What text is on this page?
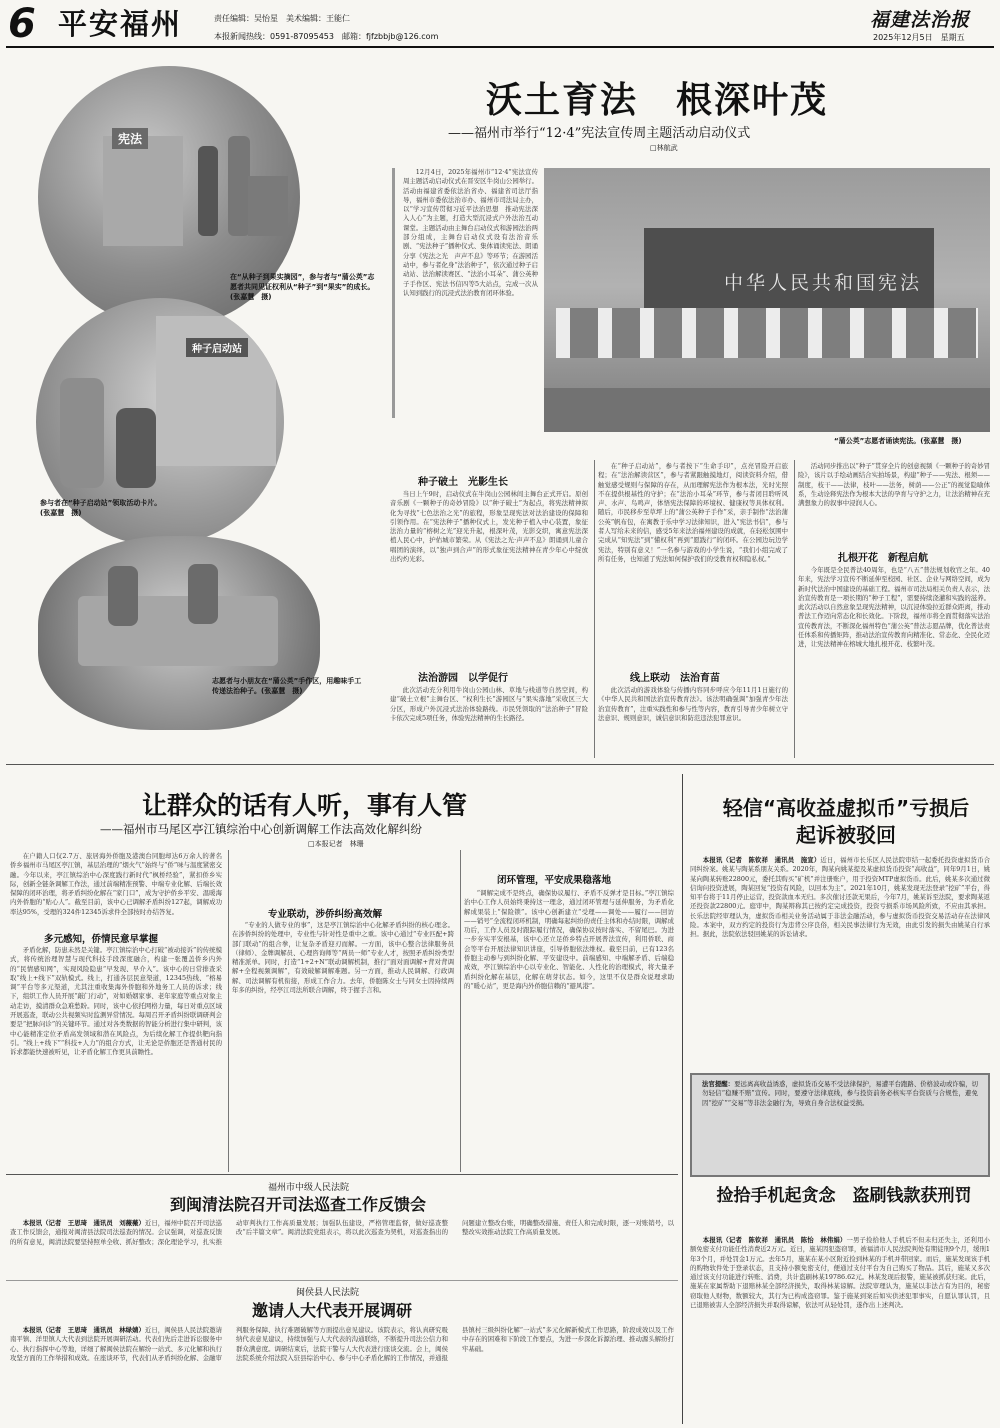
6 平安福州	责任编辑：吴怡星　美术编辑：王能仁
本报新闻热线：0591-87095453　邮箱：fjfzbbjb@126.com
福建法治报
2025年12月5日　星期五
沃土育法　根深叶茂
——福州市举行“12·4”宪法宣传周主题活动启动仪式
□林航武
宪法
在“从种子到果实摘园”，参与者与“蒲公英”志愿者共同见证权利从“种子”到“果实”的成长。(张嘉慧　摄)
种子启动站
参与者在“种子启动站”领取活动卡片。(张嘉慧　摄)
志愿者与小朋友在“蒲公英”手作区，用趣味手工传递法治种子。(张嘉慧　摄)

12月4日，2025年福州市“12·4”宪法宣传周主题活动启动仪式在晋安区牛岗山公园举行。活动由福建省委依法治省办、福建省司法厅指导，福州市委依法治市办、福州市司法局主办，以“学习宣传贯彻习近平法治思想　推动宪法深入人心”为主题，打造大型沉浸式户外法治互动课堂。主题活动由主舞台启动仪式和游园法治两部分组成，主舞台启动仪式设有法治音乐剧、“宪法种子”播种仪式、集体诵读宪法、朗诵分享《宪法之光　声声不息》等环节；在游园活动中，参与者化身“法治种子”，依次通过种子启动站、法治解读赛区、“法治小耳朵”、蒲公英种子手作区、宪法书信四等5大站点，完成一次从认知到践行的沉浸式法治教育闭环体验。	中华人民共和国宪法
“蒲公英”志愿者诵读宪法。(张嘉慧　摄)
种子破土　光影生长

当日上午9时，启动仪式在牛岗山公园林间主舞台正式开启。原创音乐剧《一颗种子的奇妙冒险》以“种子破土”为起点，将宪法精神拟化为寻找“七色法治之光”的旅程，形象呈现宪法对法治建设的保障和引领作用。在“宪法种子”播种仪式上，发光种子植入中心装置，象征法治力量的“榕树之光”迎光升起，根深叶茂，光影交织，寓意宪法深植人民心中，护佑城市繁荣。从《宪法之光·声声不息》朗诵到儿童合唱团的演绎，以“独声到合声”的形式象征宪法精神在青少年心中绽放出灼灼光彩。

法治游园　以学促行

此次活动充分利用牛岗山公园山林、草地与栈道等自然空间，构建“破土立根”主舞台区、“权利生长”游园区与“果实落地”采收区三大分区，形成户外沉浸式法治体验路线。市民凭领取的“法治种子”冒险卡依次完成5项任务，体验宪法精神的生长路径。

在“种子启动站”，参与者按下“生命手印”，点亮冒险开启旅程；在“法治解读营区”，参与者紧跟触摸地灯，阅读资料介绍，借触觉感受规则与保障的存在，从而理解宪法作为根本法，光时光照不在提供根基性的守护；在“法治小耳朵”环节，参与者闭目聆听风声、水声、鸟鸣声，体悟宪法保障的环境权、健康权等具体权利。随后，市民移步至草坪上的“蒲公英种子手作”采，亲手制作“法治蒲公英”帆布包，在寓教于乐中学习法律知识，进入“宪法书信”，参与者人写给未来的信，感受5年来法治福州建设的成就，在轻松氛围中完成从“知宪法”到“懂权利”再到“愿践行”的闭环。在公园边玩边学宪法，特别有意义！”一名参与游戏的小学生说，“我们小组完成了所有任务，也知道了宪法如何保护我们的受教育权和隐私权。”

线上联动　法治育苗

此次活动的游戏体验与传播内容同步呼应今年11月1日施行的《中华人民共和国法治宣传教育法》。该法明确强调“加强青少年法治宣传教育”，注重实践性和参与性等内容，教育引导青少年树立守法意识、规则意识，诚信意识和防范违法犯罪意识。

活动同步推出以“种子”贯穿全片的创意视频《一颗种子的奇妙冒险》，该片以手绘动画结合实拍场景，构建“种子——宪法、根须——制度，枝干——法律，枝叶——法务，树荫——公正”的视觉隐喻体系，生动诠释宪法作为根本大法的孕育与守护之力，让法治精神在充满想象力的叙事中浸润人心。

扎根开花　新程启航

今年既是全民普法40周年，也是“八五”普法规划收官之年。40年来，宪法学习宣传不断延伸至校园、社区、企业与网络空间，成为新时代法治中国建设的基础工程。福州市司法局相关负责人表示，法治宣传教育是一项长期的“种子工程”，需要持续浇灌和实践的滋养。此次活动以自然意象呈现宪法精神，以沉浸体验拉近群众距离，推动普法工作迈向常态化和长效化。下阶段，福州市将全面贯彻落实法治宣传教育法，不断深化福州特色“蒲公英”普法志愿品牌，优化普法责任体系和传播矩阵，推动法治宣传教育向精准化、常态化、全民化迈进，让宪法精神在榕城大地扎根开花、枝繁叶茂。

让群众的话有人听，事有人管
——福州市马尾区亭江镇综治中心创新调解工作法高效化解纠纷
□本报记者　林珊

在户籍人口仅2.7万、旅居海外侨胞及港澳台同胞却达6万余人的著名侨乡福州市马尾区亭江镇，基层治理的“烟火气”始终与“侨”味与温度紧密交融。今年以来，亭江镇综治中心深度践行新时代“枫桥经验”，紧扣侨乡实际，创新全链条调解工作法，通过前端精准预警、中端专业化解、后端长效保障的闭环治理，将矛盾纠纷化解在“家门口”，成为守护侨乡平安、温暖海内外侨胞的“贴心人”。截至目前，该中心已调解矛盾纠纷127起，调解成功率达95%，受理的324件12345诉求件全部按时办结答复。

多元感知，侨情民意早掌握

矛盾化解，防患未然是关键。亭江镇综治中心打破“被动接诉”的传统模式，将传统治理智慧与现代科技手段深度融合，构建一张覆盖侨乡内外的“民情感知网”，实现风险隐患“早发现、早介入”。该中心的日常排查采取“线上+线下”双轨模式。线上，打通各层民意渠道，12345热线、“榕易调”平台等多元渠道，尤其注重收集海外侨胞和外地务工人员的诉求；线下，组织工作人员开展“敲门行动”，对如婚姻家事、老年家庭等重点对象主动走访，摸清群众急难愁盼。同时，该中心依托网格力量，每日对重点区域开展巡查，联动公共视频实时监测异常情况。每周召开矛盾纠纷联调研判会要是“把脉问诊”的关键环节。通过对各类数据的智能分析进行集中研判，该中心能精准定位矛盾高发领域和潜在风险点，为后续化解工作提供靶向指引。“线上+线下”“科技+人力”的组合方式，让无论是侨胞还是普通村民的诉求都能快速被听见，让矛盾化解工作更具前瞻性。

专业联动，涉侨纠纷高效解

“专业的人做专业的事”，这是亭江镇综治中心化解矛盾纠纷的核心理念。在涉侨纠纷的处理中，专业性与针对性是重中之重。该中心通过“专业匹配+跨部门联动”的组合拳，让复杂矛盾迎刃而解。一方面，该中心整合法律服务员（律师）、金牌调解员、心理咨询师等“两员一师”专业人才，按照矛盾纠纷类型精准派单。同时，打造“1+2+N”联动调解机制，推行“面对面调解+背对背调解+全程视频调解”，有效破解调解难题。另一方面，推动人民调解、行政调解、司法调解有机衔接，形成工作合力。去年，侨胞陈女士与同女士因持续两年多的纠纷，经亭江司法所联合调解，终于握手言和。

闭环管理，平安成果稳落地

“调解完成不是终点，确保协议履行、矛盾不反弹才是目标。”亭江镇综治中心工作人员始终秉持这一理念，通过闭环管理与延伸服务，为矛盾化解成果装上“保险锁”。该中心创新建立“受理——调处——履行——回访——销号”全流程闭环机制，明确每起纠纷的责任主体和办结时限，调解成功后，工作人员及时跟踪履行情况，确保协议按时落实、不留尾巴。为进一步夯实平安根基，该中心还立足侨乡特点开展普法宣传，利用侨联、商会等平台开展法律知识讲座，引导侨胞依法维权。截至目前，已有123名侨胞主动参与到纠纷化解、平安建设中。前端感知、中端解矛盾、后端稳成效，亭江镇综治中心以专业化、智能化、人性化的治理模式，将大量矛盾纠纷化解在基层，化解在萌芽状态。如今，这里不仅是群众说理求助的“暖心站”，更是海内外侨胞信赖的“避风港”。

轻信“高收益虚拟币”亏损后起诉被驳回

本报讯（记者　陈钦祥　通讯员　施宣）近日，福州市长乐区人民法院审结一起委托投资虚拟货币合同纠纷案。姚某与陶某系朋友关系。2020年，陶某向姚某提及某虚拟货币投资“高收益”，同年9月1日，姚某向陶某转账22800元，委托其购买“矿机”并注册账户，用于投资MTP虚拟货币。此后，姚某多次通过微信询问投资进展，陶某回复“投资有风险，以回本为主”。2021年10月，姚某发现无法登录“挖矿”平台，得知平台将于11月停止运营，投资款血本无归。多次催讨还款无果后，今年7月，姚某诉至法院，要求陶某返还投资款22800元。庭审中，陶某辩称其已按约定完成投资，投资亏损系市场风险所致，不应由其承担。长乐法院经审理认为，虚拟货币相关业务活动属于非法金融活动，参与虚拟货币投资交易活动存在法律风险。本案中，双方约定的投资行为违背公序良俗，相关民事法律行为无效，由此引发的损失由姚某自行承担。据此，法院依法驳回姚某的诉讼请求。

法官提醒：要远离高收益诱惑，虚拟货币交易不受法律保护，易遭平台跑路、价格波动或诈骗，切勿轻信“稳赚不赔”宣传。同时，要遵守法律底线，参与投资前务必核实平台资质与合规性，避免因“挖矿”“交易”等非法金融行为，导致自身合法权益受损。
捡拾手机起贪念　盗刷钱款获刑罚

本报讯（记者　陈钦祥　通讯员　陈怡　林伟娟）一男子捡拾他人手机后不但未归还失主，还利用小额免密支付功能任性消费近2万元。近日，施某因犯盗窃罪，被福清市人民法院判处有期徒刑9个月，缓刑1年3个月，并处罚金1万元。去年5月，施某在某小区附近捡到林某的手机并带回家。而后，施某发现该手机的购物软件处于登录状态，且支持小额免密支付，便通过支付平台为自己购买了物品。其后，施某又多次通过该支付功能进行转账、消费，共计盗刷林某19786.62元。林某发现后报警，施某被抓获归案。此后，施某在家属帮助下退赔林某全部经济损失，取得林某谅解。法院审理认为，施某以非法占有为目的，秘密窃取他人财物，数额较大，其行为已构成盗窃罪。鉴于施某到案后如实供述犯罪事实，自愿认罪认罚，且已退赔被害人全部经济损失并取得谅解，依法可从轻处罚，遂作出上述判决。

福州市中级人民法院
到闽清法院召开司法巡查工作反馈会

本报讯（记者　王思琦　通讯员　刘薇薇）近日，福州中院召开司法巡查工作反馈会，通报对闽清县法院司法巡查的情况。会议强调，对巡查反馈的所有意见，闽清法院要坚持照单全收、抓好整改；深化理论学习，扎实推动审判执行工作高质量发展；加强队伍建设，严格管理监督，做好巡查整改“后半篇文章”。闽清法院党组表示，将以此次巡查为契机，对巡查指出的问题建立整改台账，明确整改措施、责任人和完成时限，逐一对账销号，以整改实效推动法院工作高质量发展。

闽侯县人民法院
邀请人大代表开展调研

本报讯（记者　王思琦　通讯员　林绿婧）近日，闽侯县人民法院邀请南平镇、洋里镇人大代表到法院开展调研活动。代表们先后走进诉讼服务中心、执行指挥中心等地，详细了解闽侯法院在解纷一站式、多元化解和执行攻坚方面的工作举措和成效。在座谈环节，代表们从矛盾纠纷化解、金融审判服务保障、执行难题破解等方面提出意见建议。该院表示，将认真研究吸纳代表意见建议，持续加强与人大代表的沟通联络，不断提升司法公信力和群众满意度。调研结束后，法院干警与人大代表进行座谈交流。会上，闽侯法院系统介绍法院入驻县综治中心、参与中心矛盾化解的工作情况，并通报县镇村三级纠纷化解“一站式”多元化解新模式工作思路，阶段成效以及工作中存在的困难和下阶段工作要点，为进一步深化诉源治理、推动源头解纷打牢基础。
